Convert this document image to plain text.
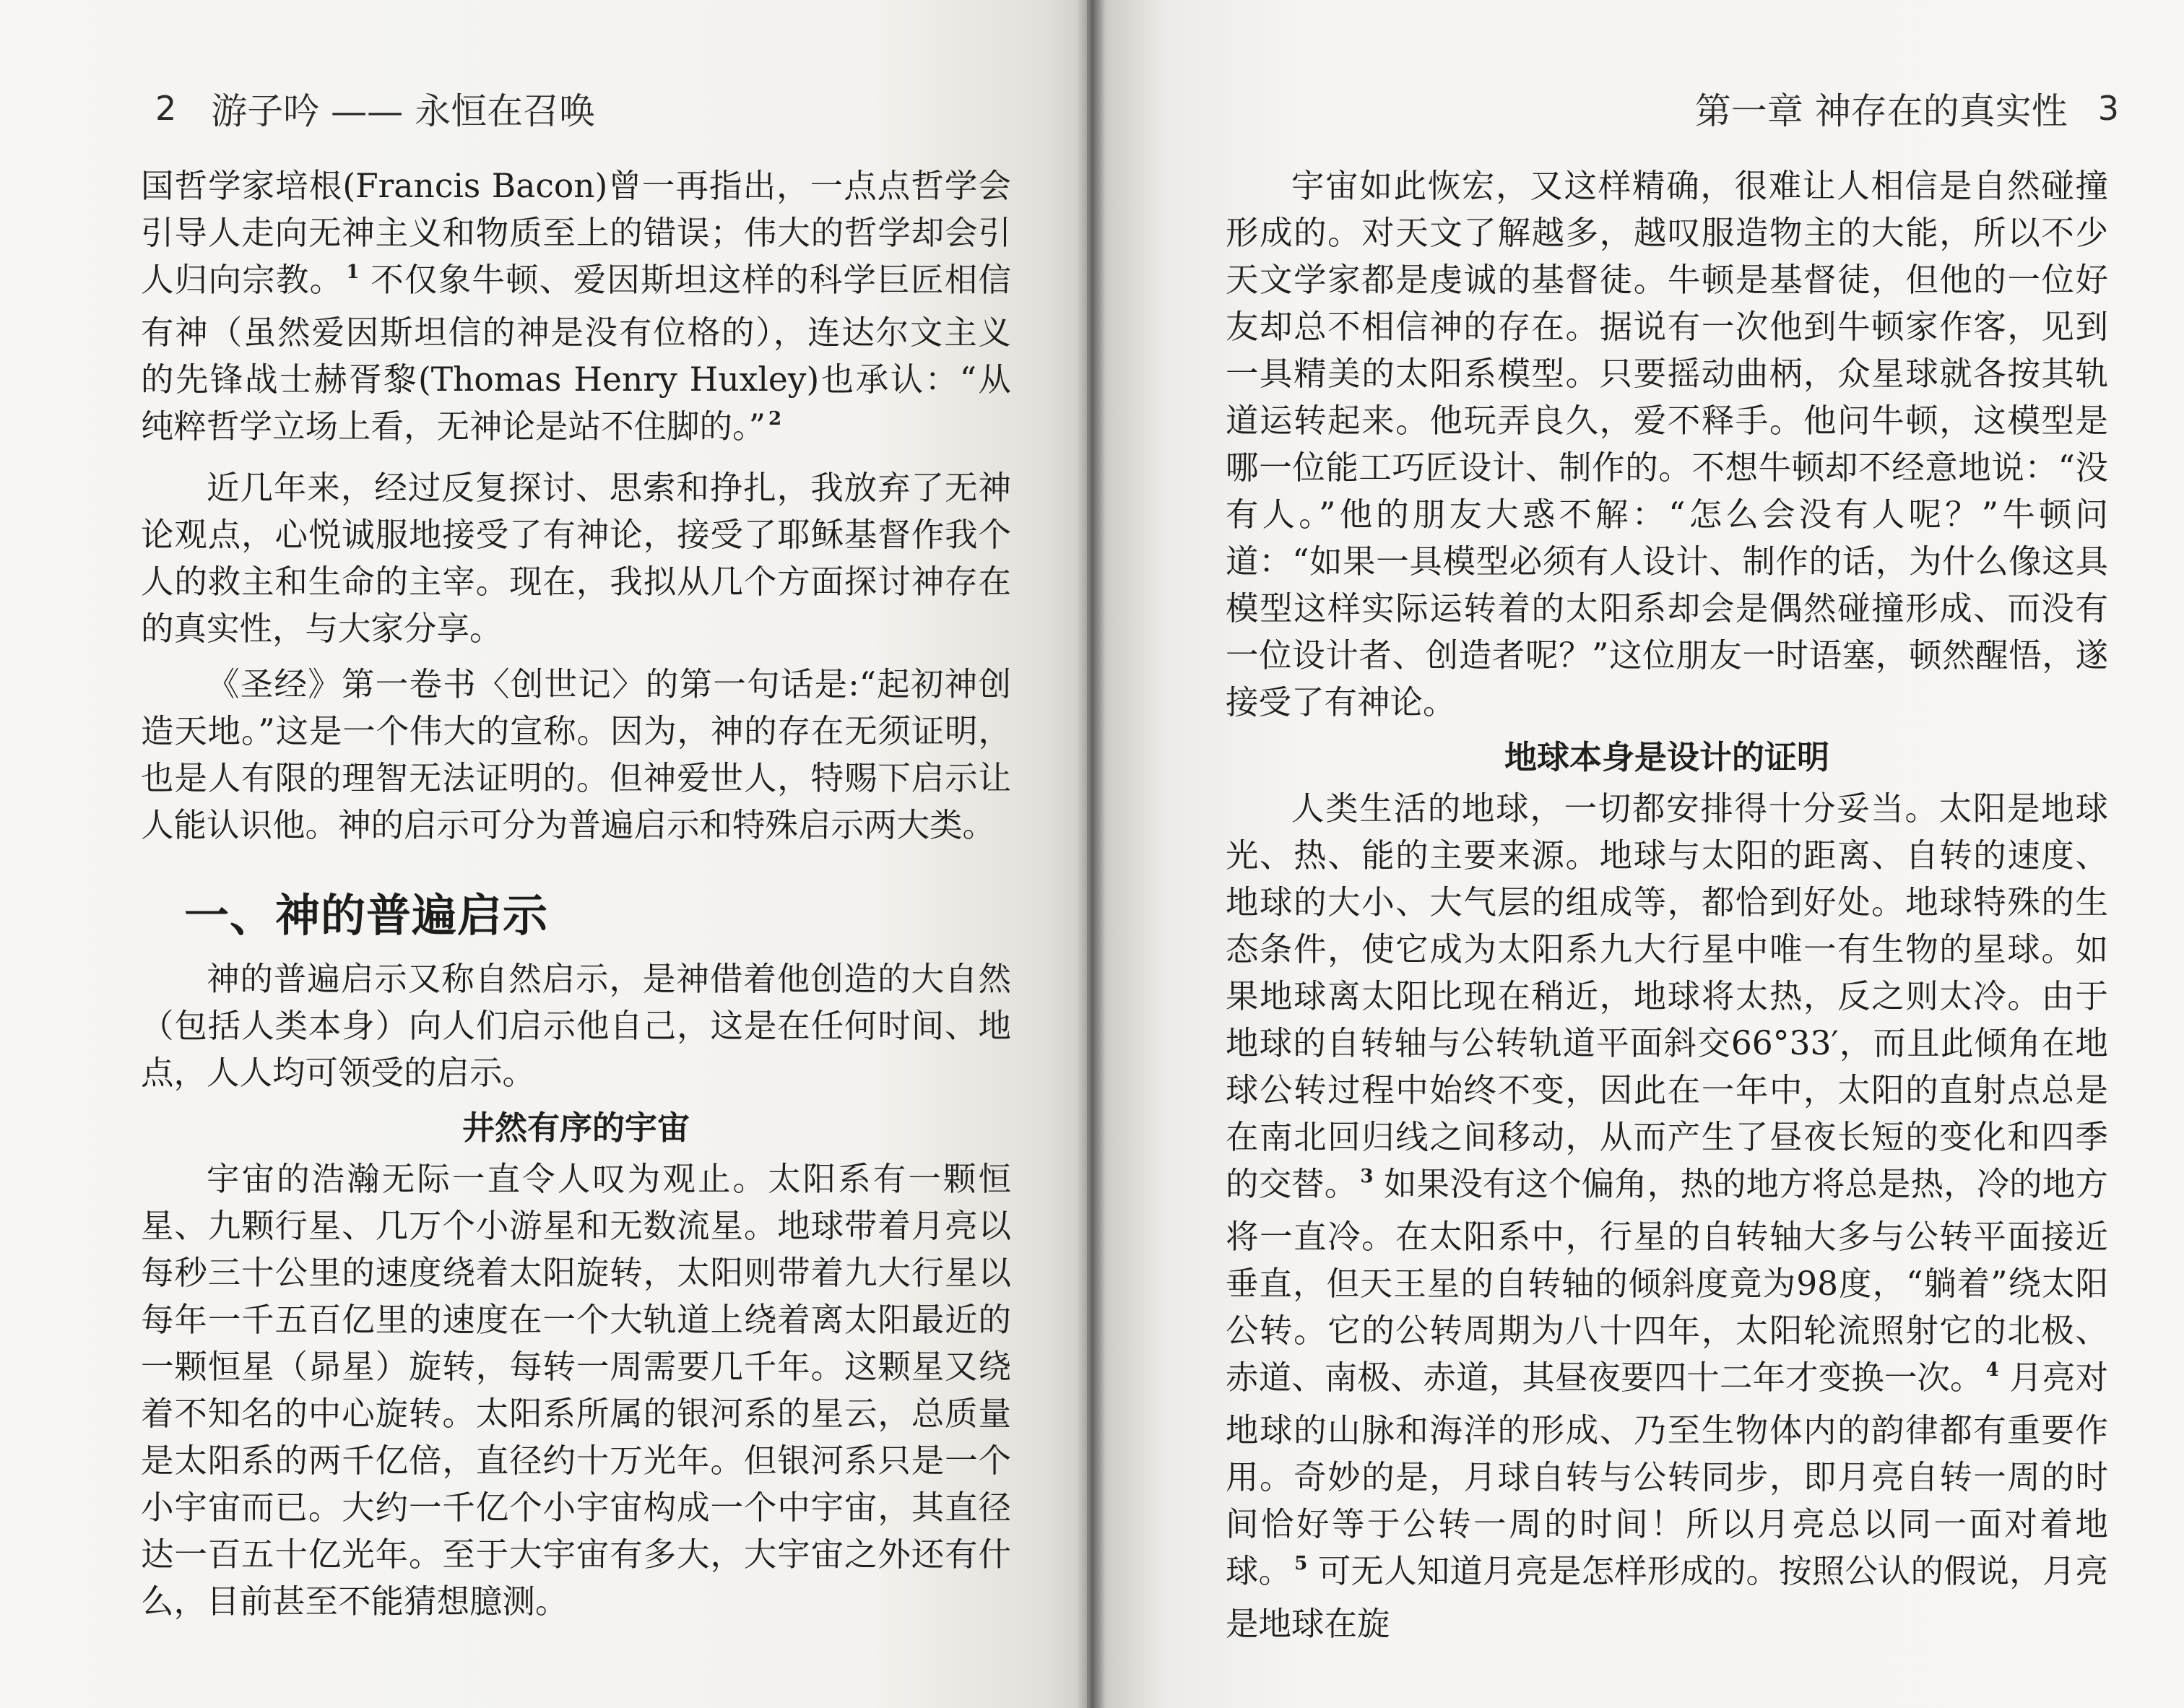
2 游子吟 —— 永恒在召唤

国哲学家培根(Francis Bacon)曾一再指出，一点点哲学会引导人走向无神主义和物质至上的错误；伟大的哲学却会引人归向宗教。 $^1$ 不仅象牛顿、爱因斯坦这样的科学巨匠相信有神（虽然爱因斯坦信的神是没有位格的），连达尔文主义的先锋战士赫胥黎(Thomas Henry Huxley)也承认：“从纯粹哲学立场上看，无神论是站不住脚的。” $^2$

近几年来，经过反复探讨、思索和挣扎，我放弃了无神论观点，心悦诚服地接受了有神论，接受了耶稣基督作我个人的救主和生命的主宰。现在，我拟从几个方面探讨神存在的真实性，与大家分享。

《圣经》第一卷书〈创世记〉的第一句话是:“起初神创造天地。”这是一个伟大的宣称。因为，神的存在无须证明，也是人有限的理智无法证明的。但神爱世人，特赐下启示让人能认识他。神的启示可分为普遍启示和特殊启示两大类。

一、神的普遍启示

神的普遍启示又称自然启示，是神借着他创造的大自然（包括人类本身）向人们启示他自己，这是在任何时间、地点，人人均可领受的启示。

井然有序的宇宙

宇宙的浩瀚无际一直令人叹为观止。太阳系有一颗恒星、九颗行星、几万个小游星和无数流星。地球带着月亮以每秒三十公里的速度绕着太阳旋转，太阳则带着九大行星以每年一千五百亿里的速度在一个大轨道上绕着离太阳最近的一颗恒星（昴星）旋转，每转一周需要几千年。这颗星又绕着不知名的中心旋转。太阳系所属的银河系的星云，总质量是太阳系的两千亿倍，直径约十万光年。但银河系只是一个小宇宙而已。大约一千亿个小宇宙构成一个中宇宙，其直径达一百五十亿光年。至于大宇宙有多大，大宇宙之外还有什么，目前甚至不能猜想臆测。

第一章 神存在的真实性 3

宇宙如此恢宏，又这样精确，很难让人相信是自然碰撞形成的。对天文了解越多，越叹服造物主的大能，所以不少天文学家都是虔诚的基督徒。牛顿是基督徒，但他的一位好友却总不相信神的存在。据说有一次他到牛顿家作客，见到一具精美的太阳系模型。只要摇动曲柄，众星球就各按其轨道运转起来。他玩弄良久，爱不释手。他问牛顿，这模型是哪一位能工巧匠设计、制作的。不想牛顿却不经意地说：“没有人。”他的朋友大惑不解：“怎么会没有人呢？”牛顿问道：“如果一具模型必须有人设计、制作的话，为什么像这具模型这样实际运转着的太阳系却会是偶然碰撞形成、而没有一位设计者、创造者呢？”这位朋友一时语塞，顿然醒悟，遂接受了有神论。

地球本身是设计的证明

人类生活的地球，一切都安排得十分妥当。太阳是地球光、热、能的主要来源。地球与太阳的距离、自转的速度、地球的大小、大气层的组成等，都恰到好处。地球特殊的生态条件，使它成为太阳系九大行星中唯一有生物的星球。如果地球离太阳比现在稍近，地球将太热，反之则太冷。由于地球的自转轴与公转轨道平面斜交66°33′，而且此倾角在地球公转过程中始终不变，因此在一年中，太阳的直射点总是在南北回归线之间移动，从而产生了昼夜长短的变化和四季的交替。 $^3$ 如果没有这个偏角，热的地方将总是热，冷的地方将一直冷。在太阳系中，行星的自转轴大多与公转平面接近垂直，但天王星的自转轴的倾斜度竟为98度，“躺着”绕太阳公转。它的公转周期为八十四年，太阳轮流照射它的北极、赤道、南极、赤道，其昼夜要四十二年才变换一次。 $^4$ 月亮对地球的山脉和海洋的形成、乃至生物体内的韵律都有重要作用。奇妙的是，月球自转与公转同步，即月亮自转一周的时间恰好等于公转一周的时间！所以月亮总以同一面对着地球。 $^5$ 可无人知道月亮是怎样形成的。按照公认的假说，月亮是地球在旋
